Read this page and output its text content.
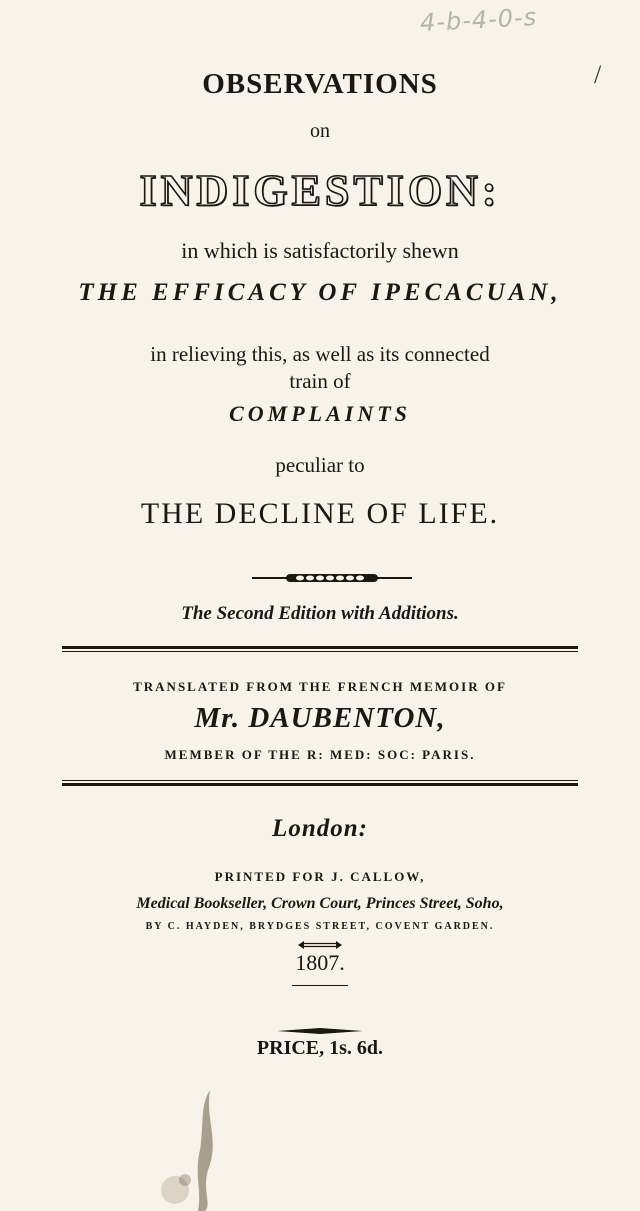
4-b-4-0-s
/
OBSERVATIONS
on
INDIGESTION:
in which is satisfactorily shewn
THE EFFICACY OF IPECACUAN,
in relieving this, as well as its connected
train of
COMPLAINTS
peculiar to
THE DECLINE OF LIFE.
The Second Edition with Additions.
TRANSLATED FROM THE FRENCH MEMOIR OF
Mr. DAUBENTON,
MEMBER OF THE R: MED: SOC: PARIS.
London:
PRINTED FOR J. CALLOW,
Medical Bookseller, Crown Court, Princes Street, Soho,
BY C. HAYDEN, BRYDGES STREET, COVENT GARDEN.
1807.
PRICE, 1s. 6d.
